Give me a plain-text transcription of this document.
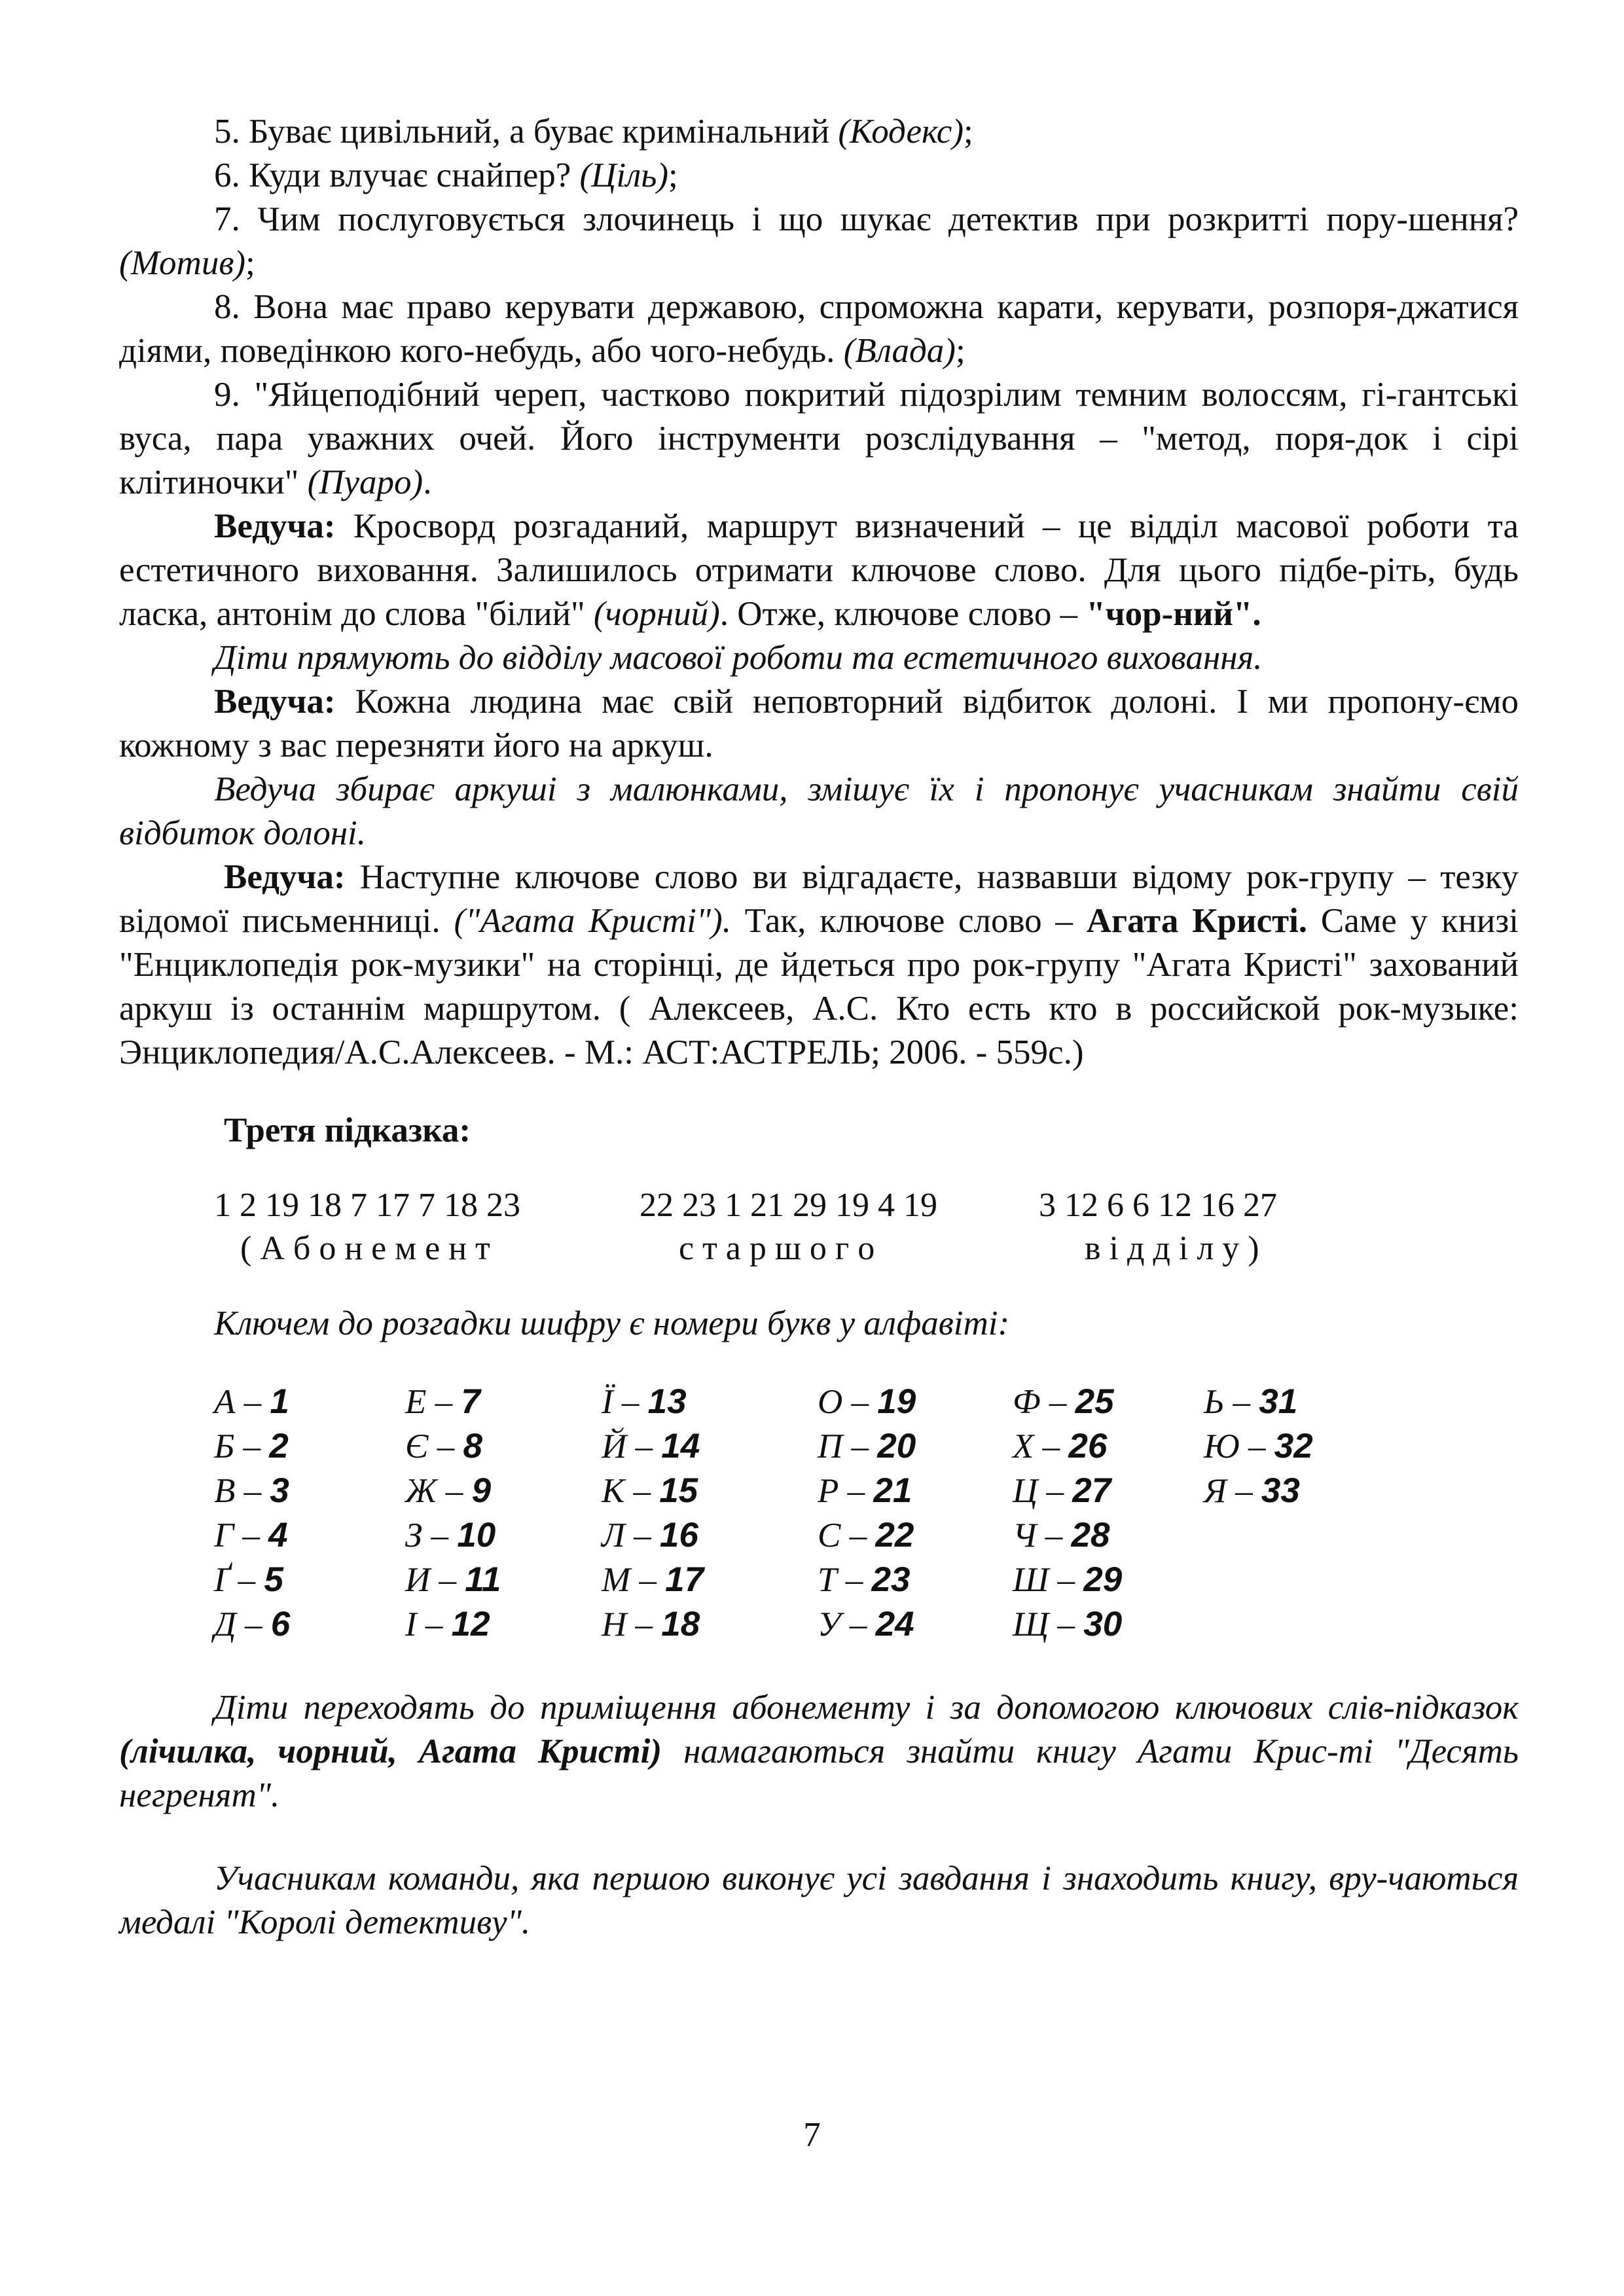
5. Буває цивільний, а буває кримінальний (Кодекс);

6. Куди влучає снайпер? (Ціль);

7. Чим послуговується злочинець і що шукає детектив при розкритті пору-шення? (Мотив);

8. Вона має право керувати державою, спроможна карати, керувати, розпоря-джатися діями, поведінкою кого-небудь, або чого-небудь. (Влада);

9. "Яйцеподібний череп, частково покритий підозрілим темним волоссям, гі-гантські вуса, пара уважних очей. Його інструменти розслідування – "метод, поря-док і сірі клітиночки" (Пуаро).

Ведуча: Кросворд розгаданий, маршрут визначений – це відділ масової роботи та естетичного виховання. Залишилось отримати ключове слово. Для цього підбе-ріть, будь ласка, антонім до слова "білий" (чорний). Отже, ключове слово – "чор-ний".

Діти прямують до відділу масової роботи та естетичного виховання.

Ведуча: Кожна людина має свій неповторний відбиток долоні. І ми пропону-ємо кожному з вас перезняти його на аркуш.

Ведуча збирає аркуші з малюнками, змішує їх і пропонує учасникам знайти свій відбиток долоні.

Ведуча: Наступне ключове слово ви відгадаєте, назвавши відому рок-групу – тезку відомої письменниці. ("Агата Кристі"). Так, ключове слово – Агата Кристі. Саме у книзі "Енциклопедія рок-музики" на сторінці, де йдеться про рок-групу "Агата Кристі" захований аркуш із останнім маршрутом. ( Алексеев, А.С. Кто есть кто в российской рок-музыке: Энциклопедия/А.С.Алексеев. - М.: АСТ:АСТРЕЛЬ; 2006. - 559с.)

Третя підказка:

1 2 19 18 7 17 7 18 23	22 23 1 21 29 19 4 19	3 12 6 6 12 16 27
( А б о н е м е н т	с т а р ш о г о	в і д д і л у )

Ключем до розгадки шифру є номери букв у алфавіті:

А – 1	Е – 7	Ї – 13	О – 19	Ф – 25	Ь – 31
Б – 2	Є – 8	Й – 14	П – 20	Х – 26	Ю – 32
В – 3	Ж – 9	К – 15	Р – 21	Ц – 27	Я – 33
Г – 4	З – 10	Л – 16	С – 22	Ч – 28
Ґ – 5	И – 11	М – 17	Т – 23	Ш – 29
Д – 6	І – 12	Н – 18	У – 24	Щ – 30

Діти переходять до приміщення абонементу і за допомогою ключових слів-підказок (лічилка, чорний, Агата Кристі) намагаються знайти книгу Агати Крис-ті "Десять негренят".

Учасникам команди, яка першою виконує усі завдання і знаходить книгу, вру-чаються медалі "Королі детективу".

7
